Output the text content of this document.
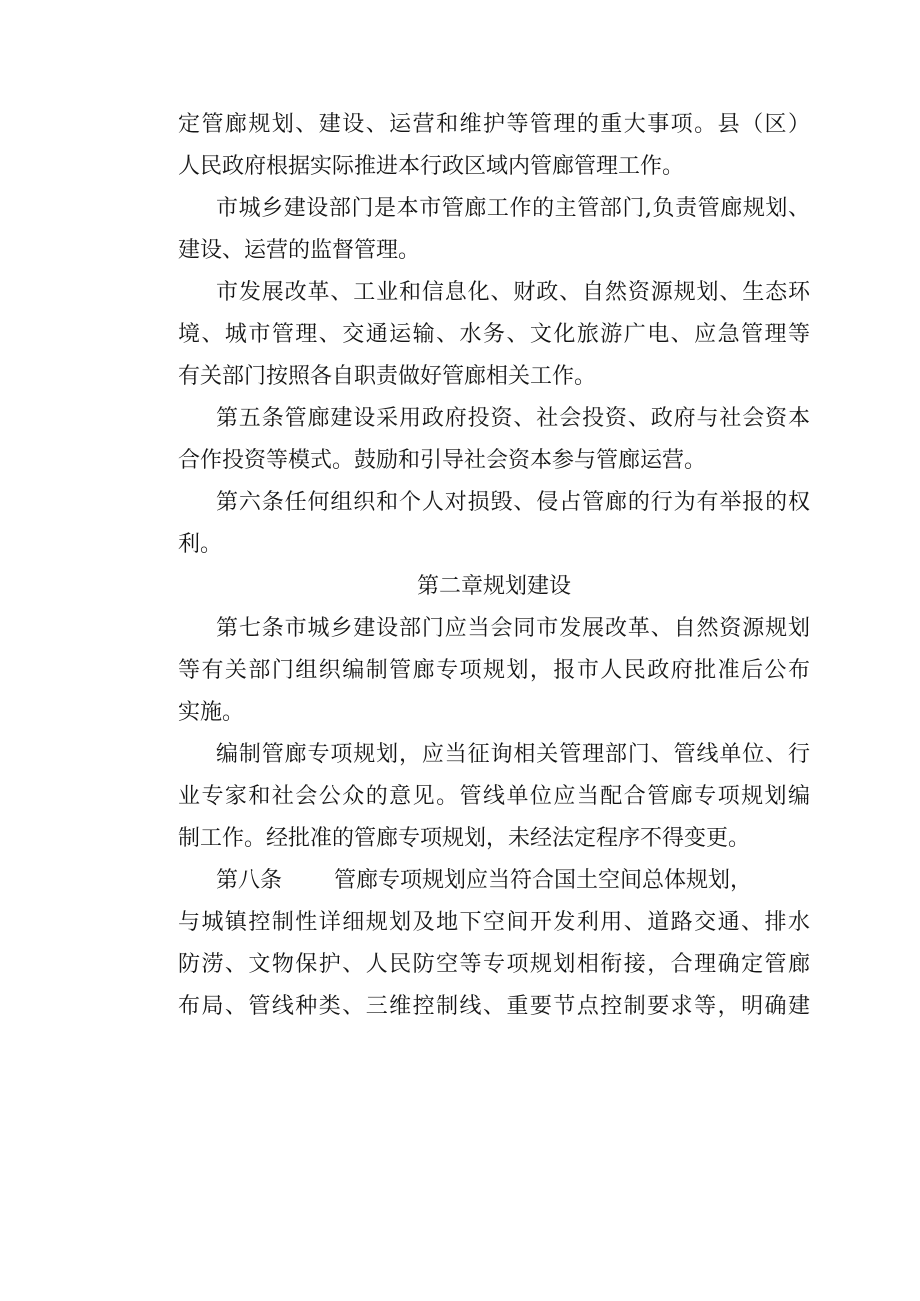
定管廊规划、建设、运营和维护等管理的重大事项。县（区）
人民政府根据实际推进本行政区域内管廊管理工作。
市城乡建设部门是本市管廊工作的主管部门,负责管廊规划、
建设、运营的监督管理。
市发展改革、工业和信息化、财政、自然资源规划、生态环
境、城市管理、交通运输、水务、文化旅游广电、应急管理等
有关部门按照各自职责做好管廊相关工作。
第五条管廊建设采用政府投资、社会投资、政府与社会资本
合作投资等模式。鼓励和引导社会资本参与管廊运营。
第六条任何组织和个人对损毁、侵占管廊的行为有举报的权
利。
第二章规划建设
第七条市城乡建设部门应当会同市发展改革、自然资源规划
等有关部门组织编制管廊专项规划，报市人民政府批准后公布
实施。
编制管廊专项规划，应当征询相关管理部门、管线单位、行
业专家和社会公众的意见。管线单位应当配合管廊专项规划编
制工作。经批准的管廊专项规划，未经法定程序不得变更。
第八条 管廊专项规划应当符合国土空间总体规划，
与城镇控制性详细规划及地下空间开发利用、道路交通、排水
防涝、文物保护、人民防空等专项规划相衔接，合理确定管廊
布局、管线种类、三维控制线、重要节点控制要求等，明确建
